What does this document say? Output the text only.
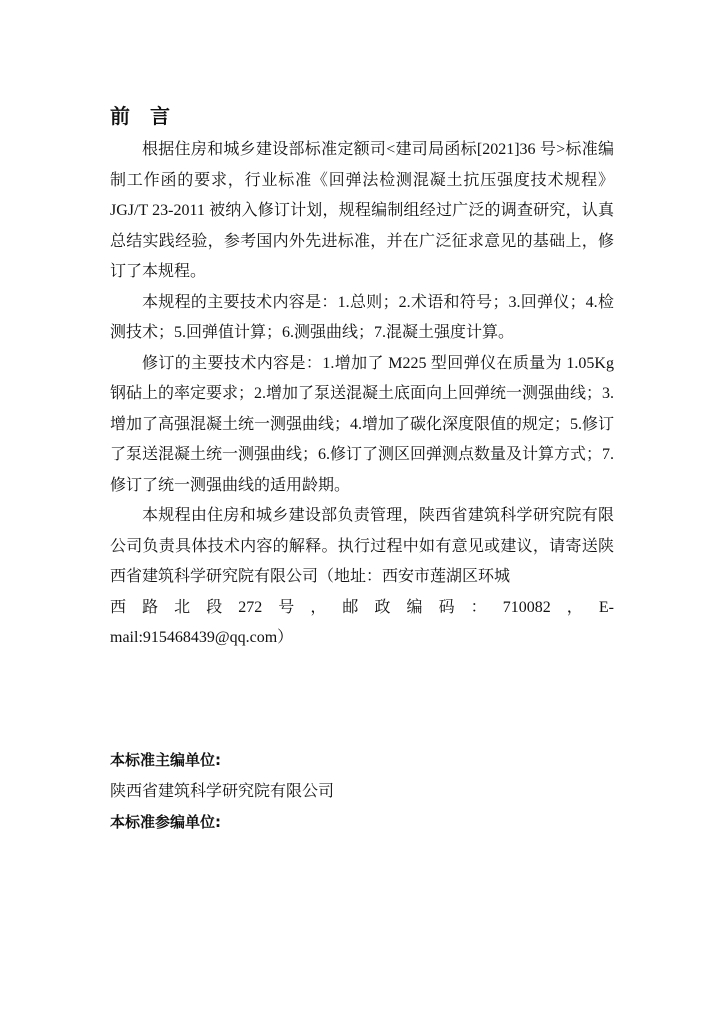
前 言

根据住房和城乡建设部标准定额司<建司局函标[2021]36 号>标准编制工作函的要求，行业标准《回弹法检测混凝土抗压强度技术规程》JGJ/T 23-2011 被纳入修订计划，规程编制组经过广泛的调查研究，认真总结实践经验，参考国内外先进标准，并在广泛征求意见的基础上，修订了本规程。

本规程的主要技术内容是：1.总则；2.术语和符号；3.回弹仪；4.检测技术；5.回弹值计算；6.测强曲线；7.混凝土强度计算。

修订的主要技术内容是：1.增加了 M225 型回弹仪在质量为 1.05Kg 钢砧上的率定要求；2.增加了泵送混凝土底面向上回弹统一测强曲线；3.增加了高强混凝土统一测强曲线；4.增加了碳化深度限值的规定；5.修订了泵送混凝土统一测强曲线；6.修订了测区回弹测点数量及计算方式；7.修订了统一测强曲线的适用龄期。

本规程由住房和城乡建设部负责管理，陕西省建筑科学研究院有限公司负责具体技术内容的解释。执行过程中如有意见或建议，请寄送陕西省建筑科学研究院有限公司（地址：西安市莲湖区环城

西 路 北 段 272 号 ， 邮 政 编 码 ： 710082 ， E-
mail:915468439@qq.com）
本标准主编单位:
陕西省建筑科学研究院有限公司
本标准参编单位:
